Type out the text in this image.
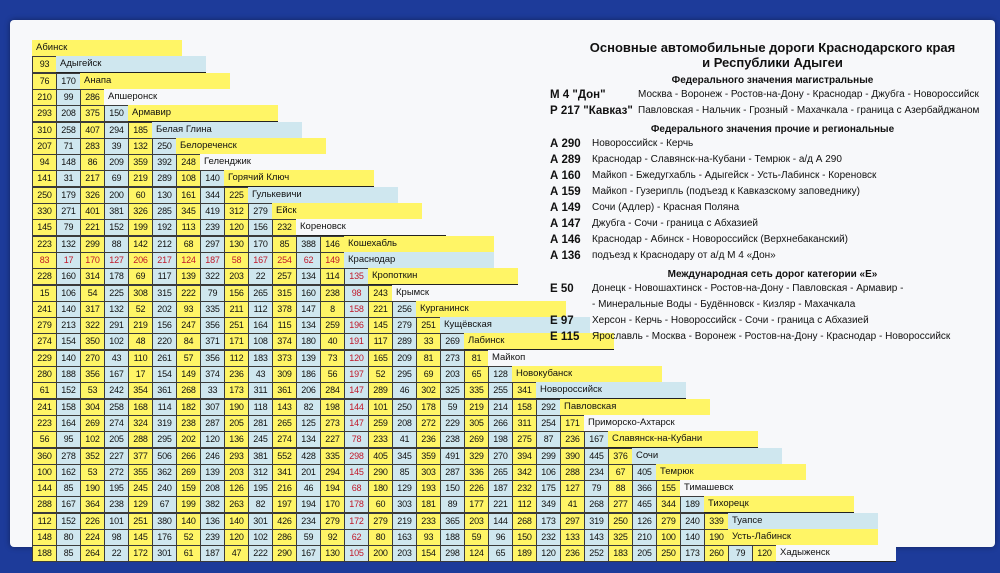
Абинск
93	Адыгейск
76	170 Анапа
210	99	286 Апшеронск
293	208	375	150 Армавир
310	258	407	294	185 Белая Глина
207	71	283	39	132	250 Белореченск
94	148	86	209	359	392	248 Геленджик
141	31	217	69	219	289	108	140 Горячий Ключ
250	179	326	200	60	130	161	344	225 Гулькевичи
330	271	401	381	326	285	345	419	312	279 Ейск
145	79	221	152	199	192	113	239	120	156	232 Кореновск
223	132	299	88	142	212	68	297	130	170	85	388	146 Кошехабль
83	17	170	127	206	217	124	187	58	167	254	62	149 Краснодар
228	160	314	178	69	117	139	322	203	22	257	134	114	135 Кропоткин
15	106	54	225	308	315	222	79	156	265	315	160	238	98	243 Крымск
241	140	317	132	52	202	93	335	211	112	378	147	8	158	221	256 Курганинск
279	213	322	291	219	156	247	356	251	164	115	134	259	196	145	279	251 Кущёвская
274	154	350	102	48	220	84	371	171	108	374	180	40	191	117	289	33	269 Лабинск
229	140	270	43	110	261	57	356	112	183	373	139	73	120	165	209	81	273	81	Майкоп
280	188	356	167	17	154	149	374	236	43	309	186	56	197	52	295	69	203	65	128 Новокубанск
61	152	53	242	354	361	268	33	173	311	361	206	284	147	289	46	302	325	335	255	341 Новороссийск
241	158	304	258	168	114	182	307	190	118	143	82	198	144	101	250	178	59	219	214	158	292 Павловская
223	164	269	274	324	319	238	287	205	281	265	125	273	147	259	208	272	229	305	266	311	254	171 Приморско-Ахтарск
56	95	102	205	288	295	202	120	136	245	274	134	227	78	233	41	236	238	269	198	275	87	236	167 Славянск-на-Кубани
360	278	352	227	377	506	266	246	293	381	552	428	335	298	405	345	359	491	329	270	394	299	390	445	376 Сочи
100	162	53	272	355	362	269	139	203	312	341	201	294	145	290	85	303	287	336	265	342	106	288	234	67	405 Темрюк
144	85	190	195	245	240	159	208	126	195	216	46	194	68	180	129	193	150	226	187	232	175	127	79	88	366	155 Тимашевск
288	167	364	238	129	67	199	382	263	82	197	194	170	178	60	303	181	89	177	221	112	349	41	268	277	465	344	189 Тихорецк
112	152	226	101	251	380	140	136	140	301	426	234	279	172	279	219	233	365	203	144	268	173	297	319	250	126	279	240	339 Туапсе
148	80	224	98	145	176	52	239	120	102	286	59	92	62	80	163	93	188	59	96	150	232	133	143	325	210	100	140	190 Усть-Лабинск
188	85	264	22	172	301	61	187	47	222	290	167	130	105	200	203	154	298	124	65	189	120	236	252	183	205	250	173	260	79	120 Хадыженск
Основные автомобильные дороги Краснодарского края
и Республики Адыгеи
Федерального значения магистральные
М 4 "Дон"	Москва - Воронеж - Ростов-на-Дону - Краснодар - Джубга - Новороссийск
Р 217 "Кавказ" Павловская - Нальчик - Грозный - Махачкала - граница с Азербайджаном
Федерального значения прочие и региональные
А 290	Новороссийск - Керчь
А 289	Краснодар - Славянск-на-Кубани - Темрюк - а/д А 290
А 160	Майкоп - Бжедугхабль - Адыгейск - Усть-Лабинск - Кореновск
А 159	Майкоп - Гузерипль (подъезд к Кавказскому заповеднику)
А 149	Сочи (Адлер) - Красная Поляна
А 147	Джубга - Сочи - граница с Абхазией
А 146	Краснодар - Абинск - Новороссийск (Верхнебаканский)
А 136	подъезд к Краснодару от а/д М 4 «Дон»
Международная сеть дорог категории «Е»
Е 50	Донецк - Новошахтинск - Ростов-на-Дону - Павловская - Армавир -
- Минеральные Воды - Будённовск - Кизляр - Махачкала
Е 97	Херсон - Керчь - Новороссийск - Сочи - граница с Абхазией
Е 115	Ярославль - Москва - Воронеж - Ростов-на-Дону - Краснодар - Новороссийск
